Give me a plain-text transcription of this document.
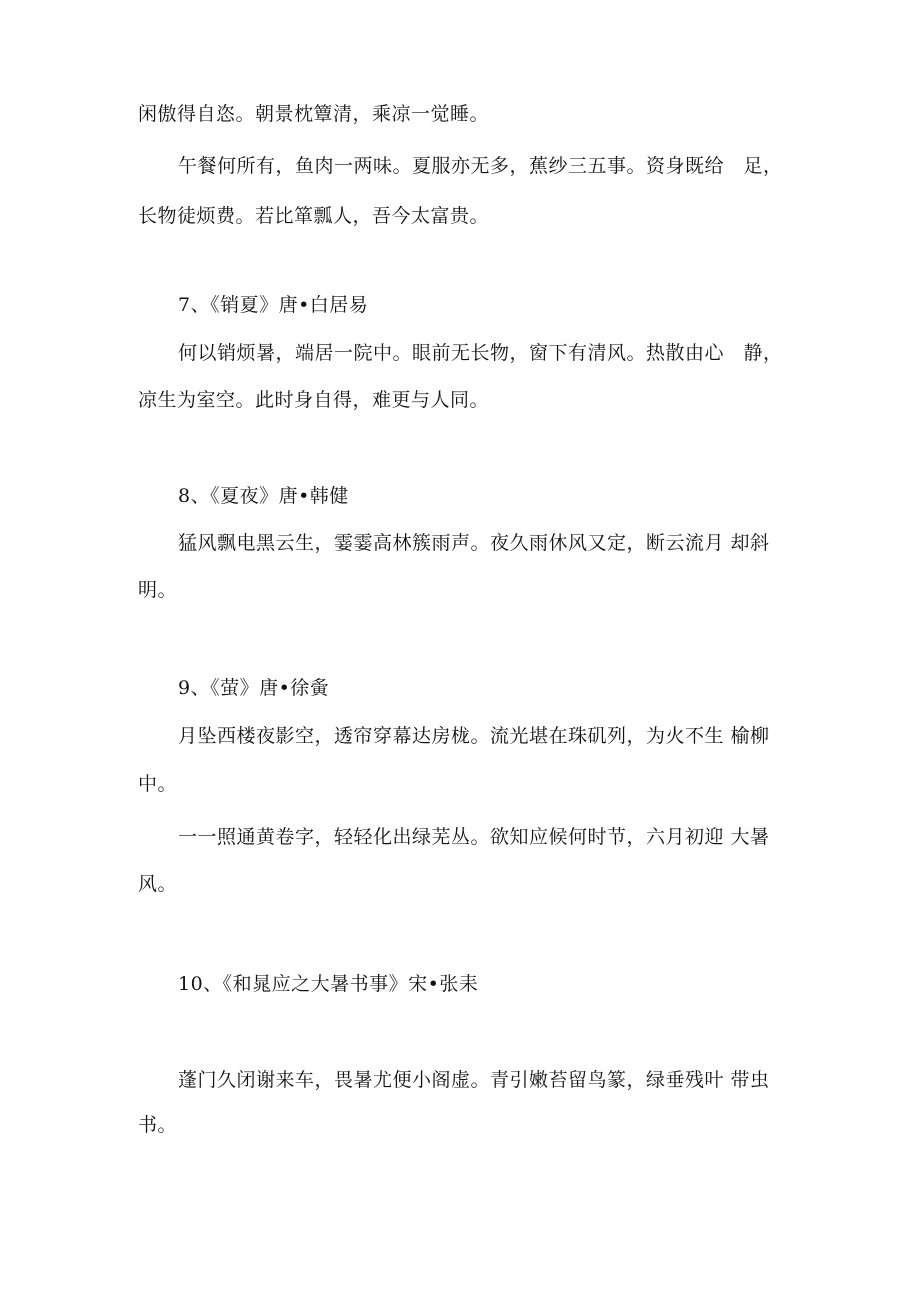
闲傲得自恣。朝景枕簟清，乘凉一觉睡。
午餐何所有，鱼肉一两味。夏服亦无多，蕉纱三五事。资身既给　足，
长物徒烦费。若比箪瓢人，吾今太富贵。
7、《销夏》唐•白居易
何以销烦暑，端居一院中。眼前无长物，窗下有清风。热散由心　静，
凉生为室空。此时身自得，难更与人同。
8、《夏夜》唐•韩健
猛风飘电黑云生，霎霎高林簇雨声。夜久雨休风又定，断云流月 却斜
明。
9、《萤》唐•徐夤
月坠西楼夜影空，透帘穿幕达房栊。流光堪在珠矶列，为火不生 榆柳
中。
一一照通黄卷字，轻轻化出绿芜丛。欲知应候何时节，六月初迎 大暑
风。
10、《和晁应之大暑书事》宋•张耒
蓬门久闭谢来车，畏暑尤便小阁虚。青引嫩苔留鸟篆，绿垂残叶 带虫
书。
